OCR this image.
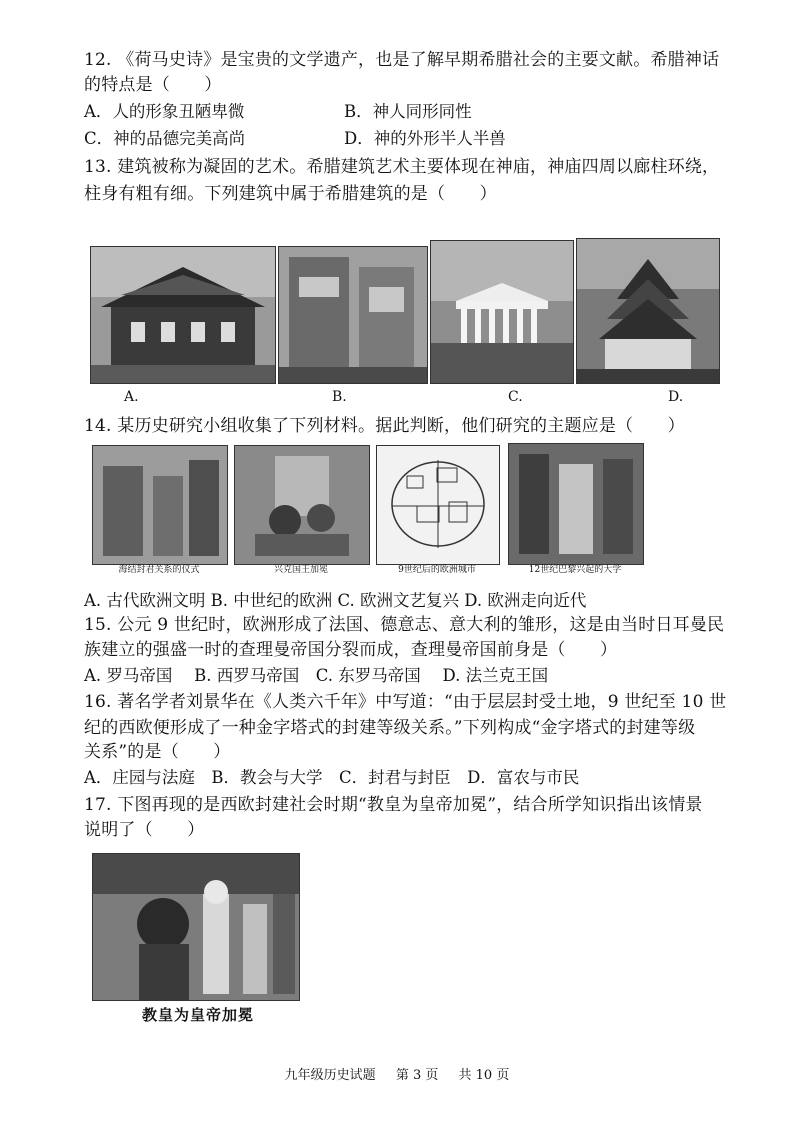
12. 《荷马史诗》是宝贵的文学遗产，也是了解早期希腊社会的主要文献。希腊神话
的特点是（　　）
A．人的形象丑陋卑微	B．神人同形同性
C．神的品德完美高尚	D．神的外形半人半兽
13. 建筑被称为凝固的艺术。希腊建筑艺术主要体现在神庙，神庙四周以廊柱环绕，
柱身有粗有细。下列建筑中属于希腊建筑的是（　　）
A.	B.	C.	D.
14. 某历史研究小组收集了下列材料。据此判断，他们研究的主题应是（　　）
海结封君关系的仪式	兴克国王加冕	9世纪后的欧洲城市	12世纪巴黎兴起的大学
A. 古代欧洲文明 B. 中世纪的欧洲 C. 欧洲文艺复兴 D. 欧洲走向近代
15. 公元 9 世纪时，欧洲形成了法国、德意志、意大利的雏形，这是由当时日耳曼民
族建立的强盛一时的查理曼帝国分裂而成，查理曼帝国前身是（　　）
A. 罗马帝国　 B. 西罗马帝国　C. 东罗马帝国　 D. 法兰克王国
16. 著名学者刘景华在《人类六千年》中写道：“由于层层封受土地，9 世纪至 10 世
纪的西欧便形成了一种金字塔式的封建等级关系。”下列构成“金字塔式的封建等级
关系”的是（　　）
A．庄园与法庭　B．教会与大学　C．封君与封臣　D．富农与市民
17. 下图再现的是西欧封建社会时期“教皇为皇帝加冕”，结合所学知识指出该情景
说明了（　　）
教皇为皇帝加冕
九年级历史试题 第 3 页 共 10 页
